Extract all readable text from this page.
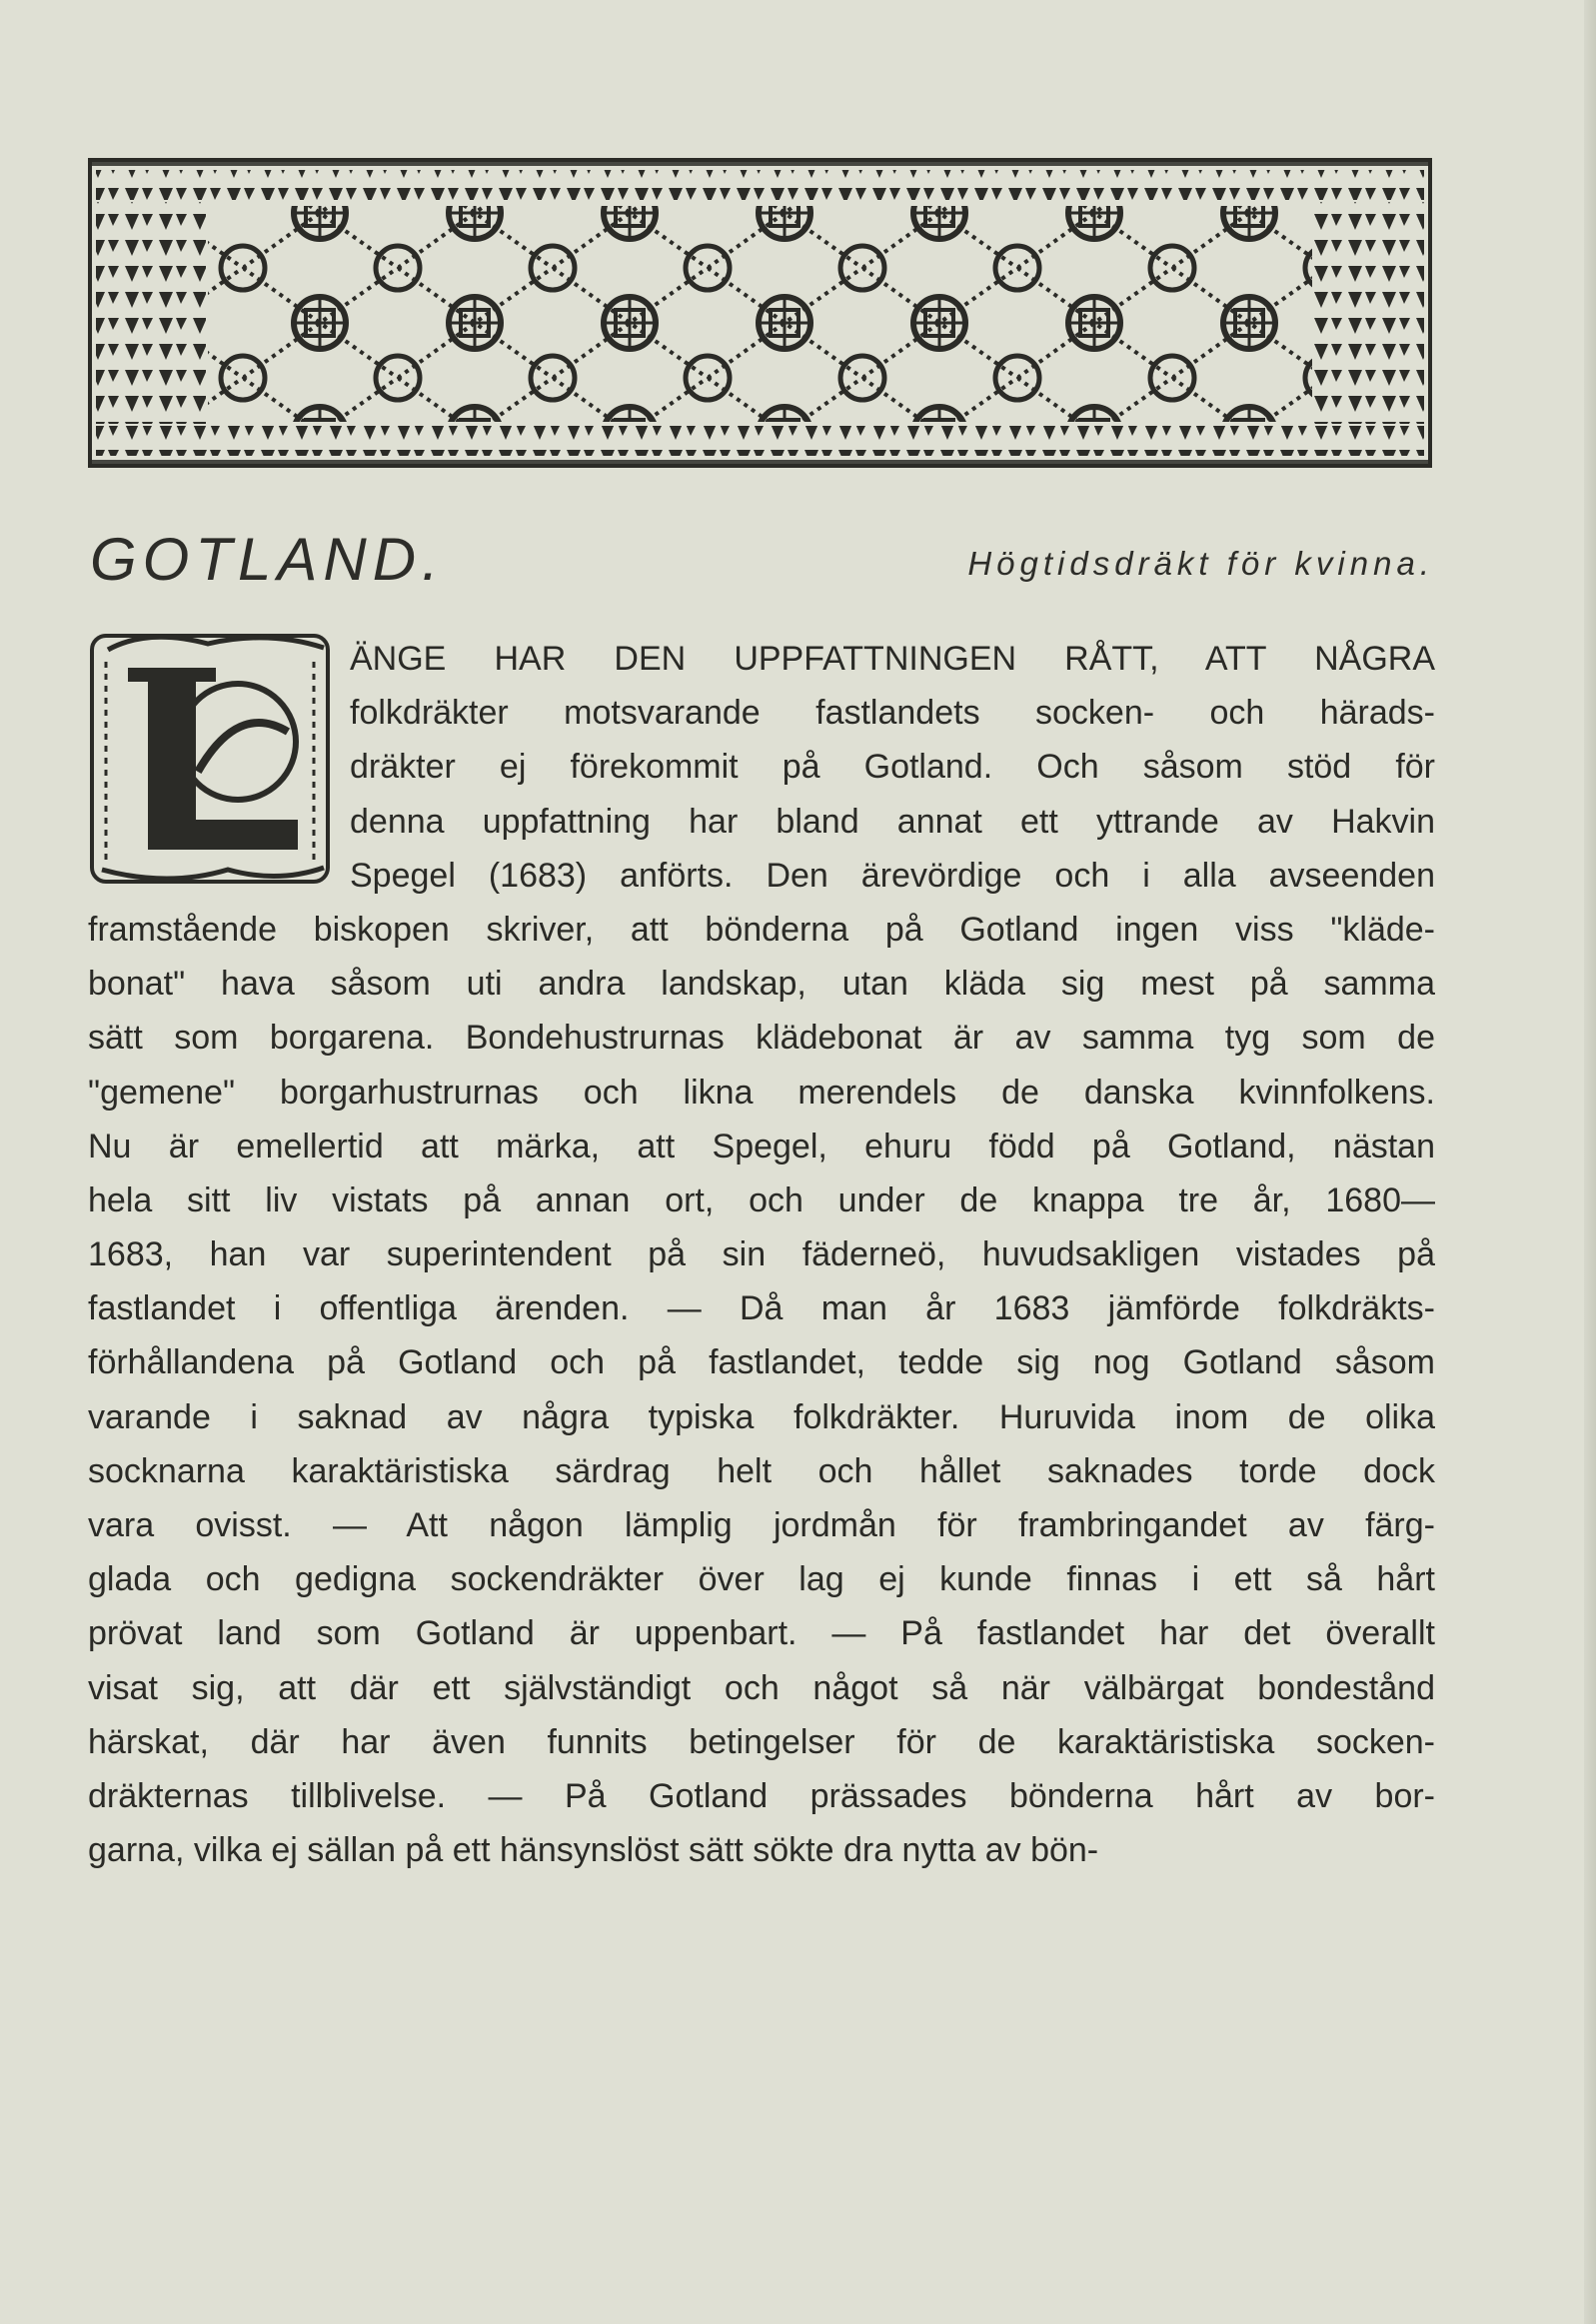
GOTLAND.	Högtidsdräkt för kvinna.
ÄNGE HAR DEN UPPFATTNINGEN RÅTT, ATT NÅGRA
folkdräkter motsvarande fastlandets socken- och härads-
dräkter ej förekommit på Gotland. Och såsom stöd för
denna uppfattning har bland annat ett yttrande av Hakvin
Spegel (1683) anförts. Den ärevördige och i alla avseenden
framstående biskopen skriver, att bönderna på Gotland ingen viss "kläde-
bonat" hava såsom uti andra landskap, utan kläda sig mest på samma
sätt som borgarena. Bondehustrurnas klädebonat är av samma tyg som de
"gemene" borgarhustrurnas och likna merendels de danska kvinnfolkens.
Nu är emellertid att märka, att Spegel, ehuru född på Gotland, nästan
hela sitt liv vistats på annan ort, och under de knappa tre år, 1680—
1683, han var superintendent på sin fäderneö, huvudsakligen vistades på
fastlandet i offentliga ärenden. — Då man år 1683 jämförde folkdräkts-
förhållandena på Gotland och på fastlandet, tedde sig nog Gotland såsom
varande i saknad av några typiska folkdräkter. Huruvida inom de olika
socknarna karaktäristiska särdrag helt och hållet saknades torde dock
vara ovisst. — Att någon lämplig jordmån för frambringandet av färg-
glada och gedigna sockendräkter över lag ej kunde finnas i ett så hårt
prövat land som Gotland är uppenbart. — På fastlandet har det överallt
visat sig, att där ett självständigt och något så när välbärgat bondestånd
härskat, där har även funnits betingelser för de karaktäristiska socken-
dräkternas tillblivelse. — På Gotland prässades bönderna hårt av bor-
garna, vilka ej sällan på ett hänsynslöst sätt sökte dra nytta av bön-
